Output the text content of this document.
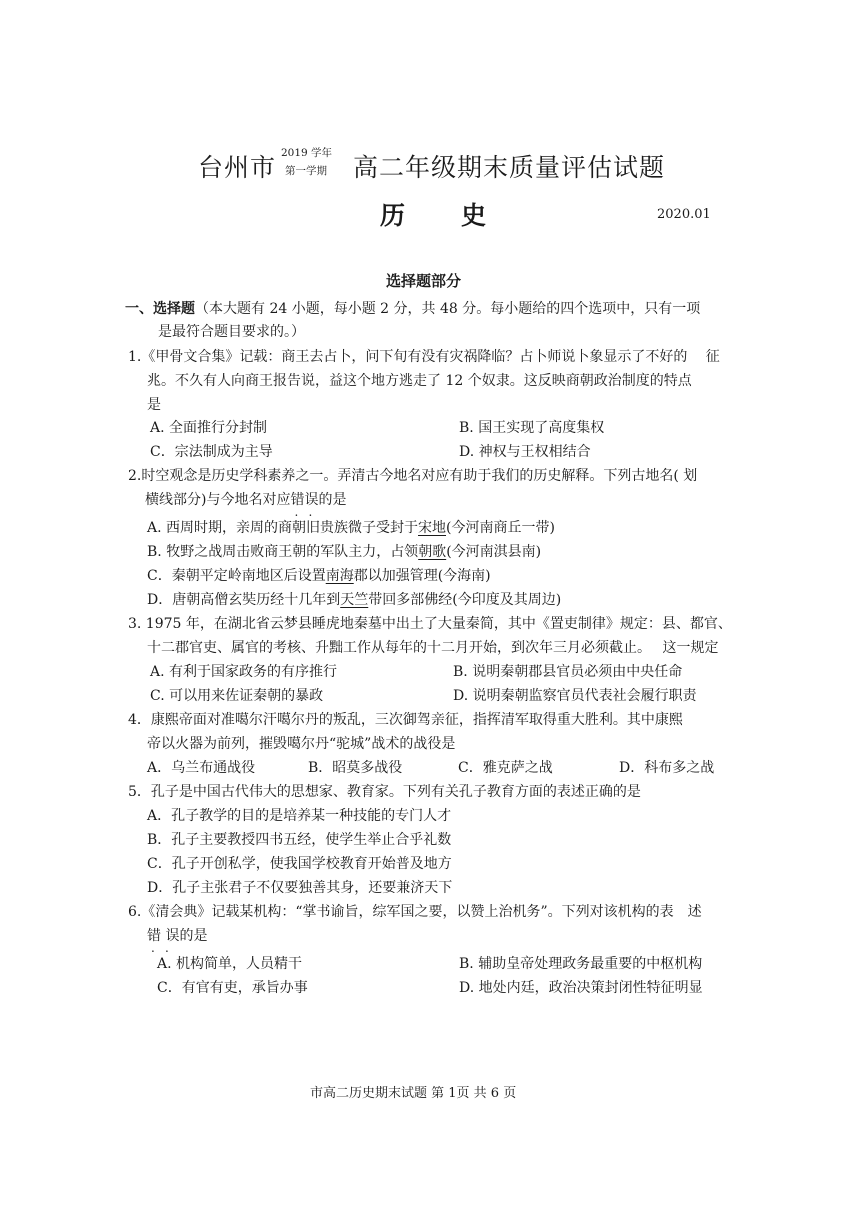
台州市 2019 学年
第一学期 高二年级期末质量评估试题
历　　史	2020.01
选择题部分
一、选择题（本大题有 24 小题，每小题 2 分，共 48 分。每小题给的四个选项中，只有一项
是最符合题目要求的。）
1.《甲骨文合集》记载：商王去占卜，问下旬有没有灾祸降临？占卜师说卜象显示了不好的　 征
兆。不久有人向商王报告说，益这个地方逃走了 12 个奴隶。这反映商朝政治制度的特点
是
A. 全面推行分封制	B. 国王实现了高度集权
C．宗法制成为主导	D. 神权与王权相结合
2.时空观念是历史学科素养之一。弄清古今地名对应有助于我们的历史解释。下列古地名( 划
横线部分)与今地名对应错误的是
A. 西周时期，亲周的商朝旧贵族微子受封于宋地(今河南商丘一带)
B. 牧野之战周击败商王朝的军队主力，占领朝歌(今河南淇县南)
C．秦朝平定岭南地区后设置南海郡以加强管理(今海南)
D．唐朝高僧玄奘历经十几年到天竺带回多部佛经(今印度及其周边)
3. 1975 年，在湖北省云梦县睡虎地秦墓中出土了大量秦简，其中《置吏制律》规定：县、都官、
十二郡官吏、属官的考核、升黜工作从每年的十二月开始，到次年三月必须截止。　 这一规定
A. 有利于国家政务的有序推行	B. 说明秦朝郡县官员必须由中央任命
C. 可以用来佐证秦朝的暴政	D. 说明秦朝监察官员代表社会履行职责
4．康熙帝面对准噶尔汗噶尔丹的叛乱，三次御驾亲征，指挥清军取得重大胜利。其中康熙
帝以火器为前列，摧毁噶尔丹“驼城”战术的战役是
A．乌兰布通战役	B．昭莫多战役	C．雅克萨之战	D．科布多之战
5．孔子是中国古代伟大的思想家、教育家。下列有关孔子教育方面的表述正确的是
A．孔子教学的目的是培养某一种技能的专门人才
B．孔子主要教授四书五经，使学生举止合乎礼数
C．孔子开创私学，使我国学校教育开始普及地方
D．孔子主张君子不仅要独善其身，还要兼济天下
6.《清会典》记载某机构：“掌书谕旨，综军国之要，以赞上治机务”。下列对该机构的表　述
错 误的是
A. 机构简单，人员精干	B. 辅助皇帝处理政务最重要的中枢机构
C．有官有吏，承旨办事	D. 地处内廷，政治决策封闭性特征明显
市高二历史期末试题 第 1页 共 6 页
